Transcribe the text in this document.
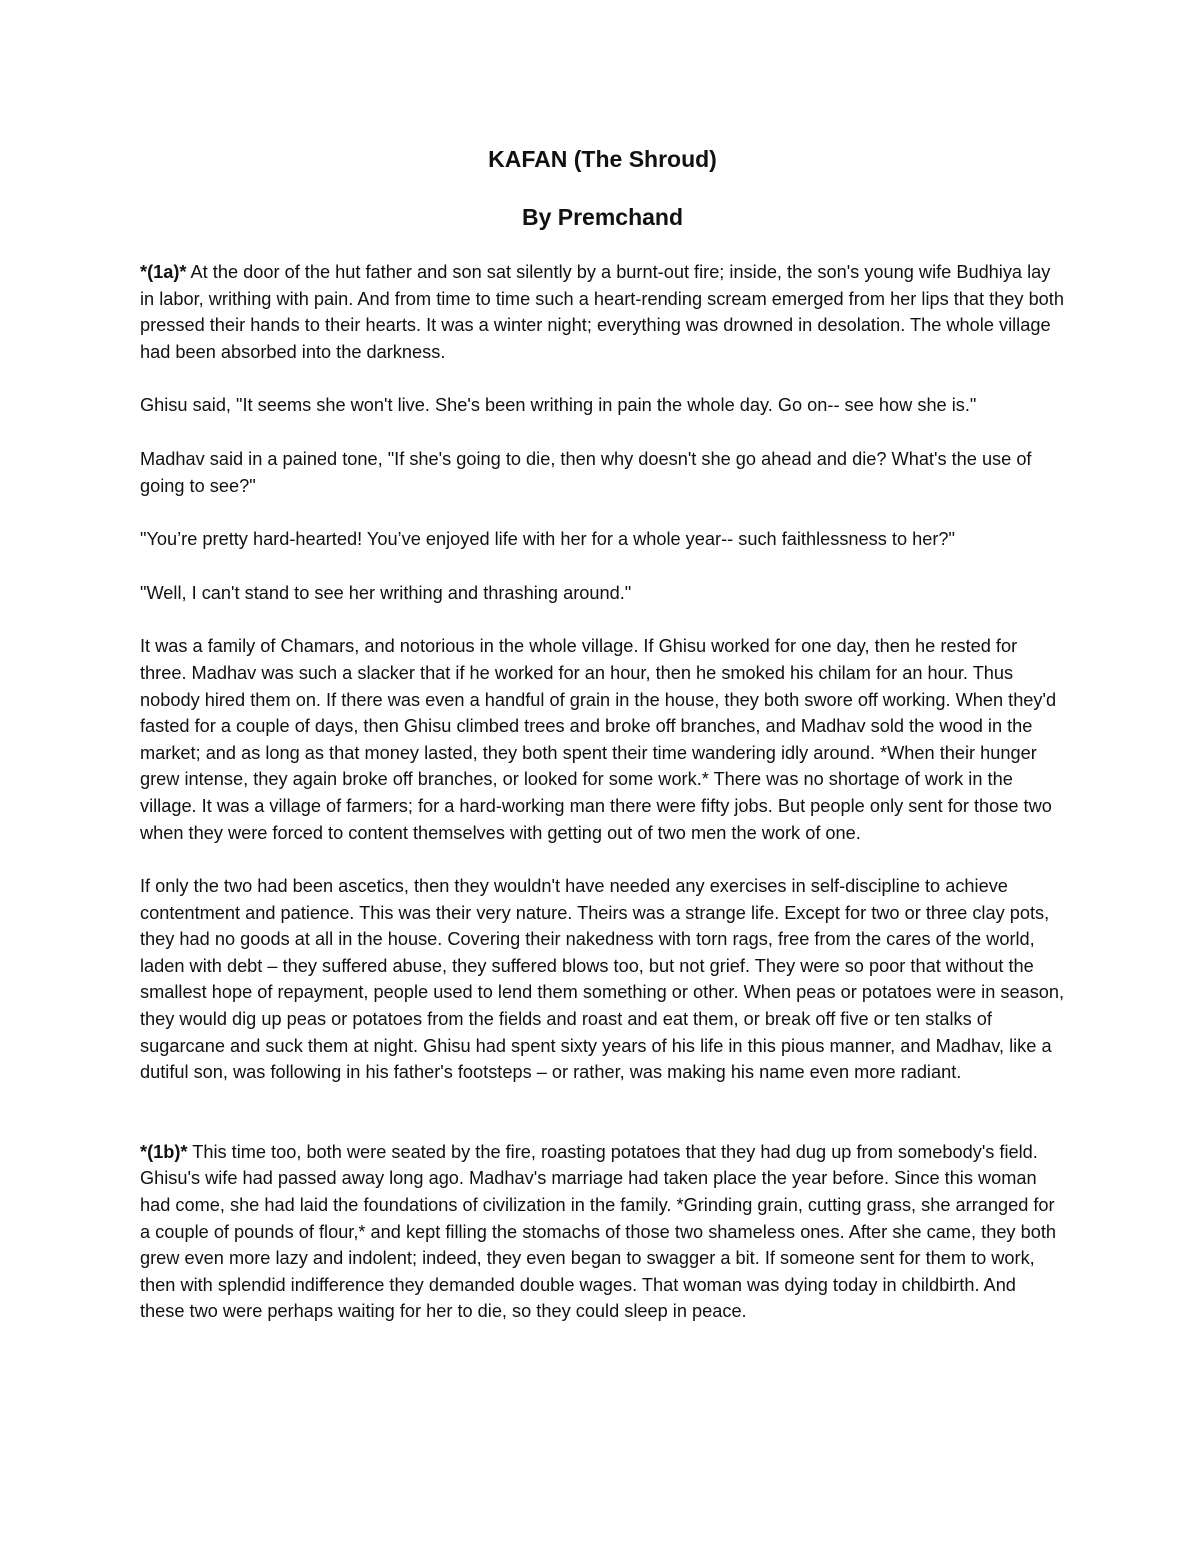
KAFAN (The Shroud)
By Premchand

*(1a)* At the door of the hut father and son sat silently by a burnt-out fire; inside, the son's young wife Budhiya lay in labor, writhing with pain. And from time to time such a heart-rending scream emerged from her lips that they both pressed their hands to their hearts. It was a winter night; everything was drowned in desolation. The whole village had been absorbed into the darkness.

Ghisu said, "It seems she won't live. She's been writhing in pain the whole day. Go on-- see how she is."

Madhav said in a pained tone, "If she's going to die, then why doesn't she go ahead and die? What's the use of going to see?"

"You’re pretty hard-hearted! You’ve enjoyed life with her for a whole year-- such faithlessness to her?"

"Well, I can't stand to see her writhing and thrashing around."

It was a family of Chamars, and notorious in the whole village. If Ghisu worked for one day, then he rested for three. Madhav was such a slacker that if he worked for an hour, then he smoked his chilam for an hour. Thus nobody hired them on. If there was even a handful of grain in the house, they both swore off working. When they'd fasted for a couple of days, then Ghisu climbed trees and broke off branches, and Madhav sold the wood in the market; and as long as that money lasted, they both spent their time wandering idly around. *When their hunger grew intense, they again broke off branches, or looked for some work.* There was no shortage of work in the village. It was a village of farmers; for a hard-working man there were fifty jobs. But people only sent for those two when they were forced to content themselves with getting out of two men the work of one.

If only the two had been ascetics, then they wouldn't have needed any exercises in self-discipline to achieve contentment and patience. This was their very nature. Theirs was a strange life. Except for two or three clay pots, they had no goods at all in the house. Covering their nakedness with torn rags, free from the cares of the world, laden with debt – they suffered abuse, they suffered blows too, but not grief. They were so poor that without the smallest hope of repayment, people used to lend them something or other. When peas or potatoes were in season, they would dig up peas or potatoes from the fields and roast and eat them, or break off five or ten stalks of sugarcane and suck them at night. Ghisu had spent sixty years of his life in this pious manner, and Madhav, like a dutiful son, was following in his father's footsteps – or rather, was making his name even more radiant.

*(1b)* This time too, both were seated by the fire, roasting potatoes that they had dug up from somebody's field. Ghisu's wife had passed away long ago. Madhav's marriage had taken place the year before. Since this woman had come, she had laid the foundations of civilization in the family. *Grinding grain, cutting grass, she arranged for a couple of pounds of flour,* and kept filling the stomachs of those two shameless ones. After she came, they both grew even more lazy and indolent; indeed, they even began to swagger a bit. If someone sent for them to work, then with splendid indifference they demanded double wages. That woman was dying today in childbirth. And these two were perhaps waiting for her to die, so they could sleep in peace.
